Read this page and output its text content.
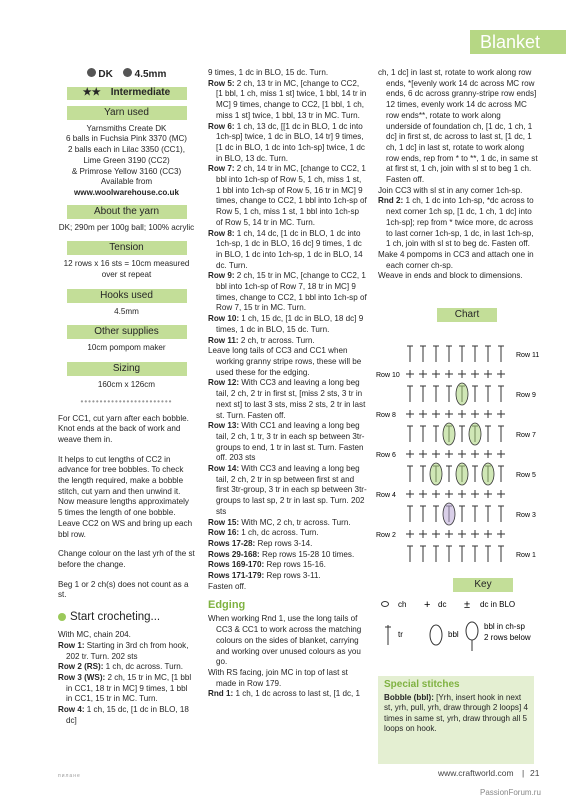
Blanket
DK	4.5mm
★★ Intermediate
Yarn used
Yarnsmiths Create DK
6 balls in Fuchsia Pink 3370 (MC)
2 balls each in Lilac 3350 (CC1),
Lime Green 3190 (CC2)
& Primrose Yellow 3160 (CC3)
Available from
www.woolwarehouse.co.uk
About the yarn
DK; 290m per 100g ball; 100% acrylic
Tension
12 rows x 16 sts = 10cm measured over st repeat
Hooks used
4.5mm
Other supplies
10cm pompom maker
Sizing
160cm x 126cm
••••••••••••••••••••••••
For CC1, cut yarn after each bobble. Knot ends at the back of work and weave them in.
It helps to cut lengths of CC2 in advance for tree bobbles. To check the length required, make a bobble stitch, cut yarn and then unwind it. Now measure lengths approximately 5 times the length of one bobble. Leave CC2 on WS and bring up each bbl row.
Change colour on the last yrh of the st before the change.
Beg 1 or 2 ch(s) does not count as a st.
Start crocheting...
With MC, chain 204.
Row 1: Starting in 3rd ch from hook, 202 tr. Turn. 202 sts
Row 2 (RS): 1 ch, dc across. Turn.
Row 3 (WS): 2 ch, 15 tr in MC, [1 bbl in CC1, 18 tr in MC] 9 times, 1 bbl in CC1, 15 tr in MC. Turn.
Row 4: 1 ch, 15 dc, [1 dc in BLO, 18 dc]
9 times, 1 dc in BLO, 15 dc. Turn.
Row 5: 2 ch, 13 tr in MC, [change to CC2, [1 bbl, 1 ch, miss 1 st] twice, 1 bbl, 14 tr in MC] 9 times, change to CC2, [1 bbl, 1 ch, miss 1 st] twice, 1 bbl, 13 tr in MC. Turn.
Row 6: 1 ch, 13 dc, [[1 dc in BLO, 1 dc into 1ch-sp] twice, 1 dc in BLO, 14 tr] 9 times, [1 dc in BLO, 1 dc into 1ch-sp] twice, 1 dc in BLO, 13 dc. Turn.
Row 7: 2 ch, 14 tr in MC, [change to CC2, 1 bbl into 1ch-sp of Row 5, 1 ch, miss 1 st, 1 bbl into 1ch-sp of Row 5, 16 tr in MC] 9 times, change to CC2, 1 bbl into 1ch-sp of Row 5, 1 ch, miss 1 st, 1 bbl into 1ch-sp of Row 5, 14 tr in MC. Turn.
Row 8: 1 ch, 14 dc, [1 dc in BLO, 1 dc into 1ch-sp, 1 dc in BLO, 16 dc] 9 times, 1 dc in BLO, 1 dc into 1ch-sp, 1 dc in BLO, 14 dc. Turn.
Row 9: 2 ch, 15 tr in MC, [change to CC2, 1 bbl into 1ch-sp of Row 7, 18 tr in MC] 9 times, change to CC2, 1 bbl into 1ch-sp of Row 7, 15 tr in MC. Turn.
Row 10: 1 ch, 15 dc, [1 dc in BLO, 18 dc] 9 times, 1 dc in BLO, 15 dc. Turn.
Row 11: 2 ch, tr across. Turn.
Leave long tails of CC3 and CC1 when working granny stripe rows, these will be used these for the edging.
Row 12: With CC3 and leaving a long beg tail, 2 ch, 2 tr in first st, [miss 2 sts, 3 tr in next st] to last 3 sts, miss 2 sts, 2 tr in last st. Turn. Fasten off.
Row 13: With CC1 and leaving a long beg tail, 2 ch, 1 tr, 3 tr in each sp between 3tr-groups to end, 1 tr in last st. Turn. Fasten off. 203 sts
Row 14: With CC3 and leaving a long beg tail, 2 ch, 2 tr in sp between first st and first 3tr-group, 3 tr in each sp between 3tr-groups to last sp, 2 tr in last sp. Turn. 202 sts
Row 15: With MC, 2 ch, tr across. Turn.
Row 16: 1 ch, dc across. Turn.
Rows 17-28: Rep rows 3-14.
Rows 29-168: Rep rows 15-28 10 times.
Rows 169-170: Rep rows 15-16.
Rows 171-179: Rep rows 3-11.
Fasten off.
Edging
When working Rnd 1, use the long tails of CC3 & CC1 to work across the matching colours on the sides of blanket, carrying and working over unused colours as you go.
With RS facing, join MC in top of last st made in Row 179.
Rnd 1: 1 ch, 1 dc across to last st, [1 dc, 1
ch, 1 dc] in last st, rotate to work along row ends, *[evenly work 14 dc across MC row ends, 6 dc across granny-stripe row ends] 12 times, evenly work 14 dc across MC row ends**, rotate to work along underside of foundation ch, [1 dc, 1 ch, 1 dc] in first st, dc across to last st, [1 dc, 1 ch, 1 dc] in last st, rotate to work along row ends, rep from * to **, 1 dc, in same st at first st, 1 ch, join with sl st to beg 1 ch. Fasten off.
Join CC3 with sl st in any corner 1ch-sp.
Rnd 2: 1 ch, 1 dc into 1ch-sp, *dc across to next corner 1ch sp, [1 dc, 1 ch, 1 dc] into 1ch-sp]; rep from * twice more, dc across to last corner 1ch-sp, 1 dc, in last 1ch-sp, 1 ch, join with sl st to beg dc. Fasten off.
Make 4 pompoms in CC3 and attach one in each corner ch-sp.
Weave in ends and block to dimensions.
Chart
Row 10
Row 8
Row 6
Row 4
Row 2
Row 11
Row 9
Row 7
Row 5
Row 3
Row 1
Key
ch + dc ± dc in BLO
tr	bbl
bbl in ch-sp
2 rows below
Special stitches
Bobble (bbl): [Yrh, insert hook in next st, yrh, pull, yrh, draw through 2 loops] 4 times in same st, yrh, draw through all 5 loops on hook.
пилане	www.craftworld.com | 21
PassionForum.ru
